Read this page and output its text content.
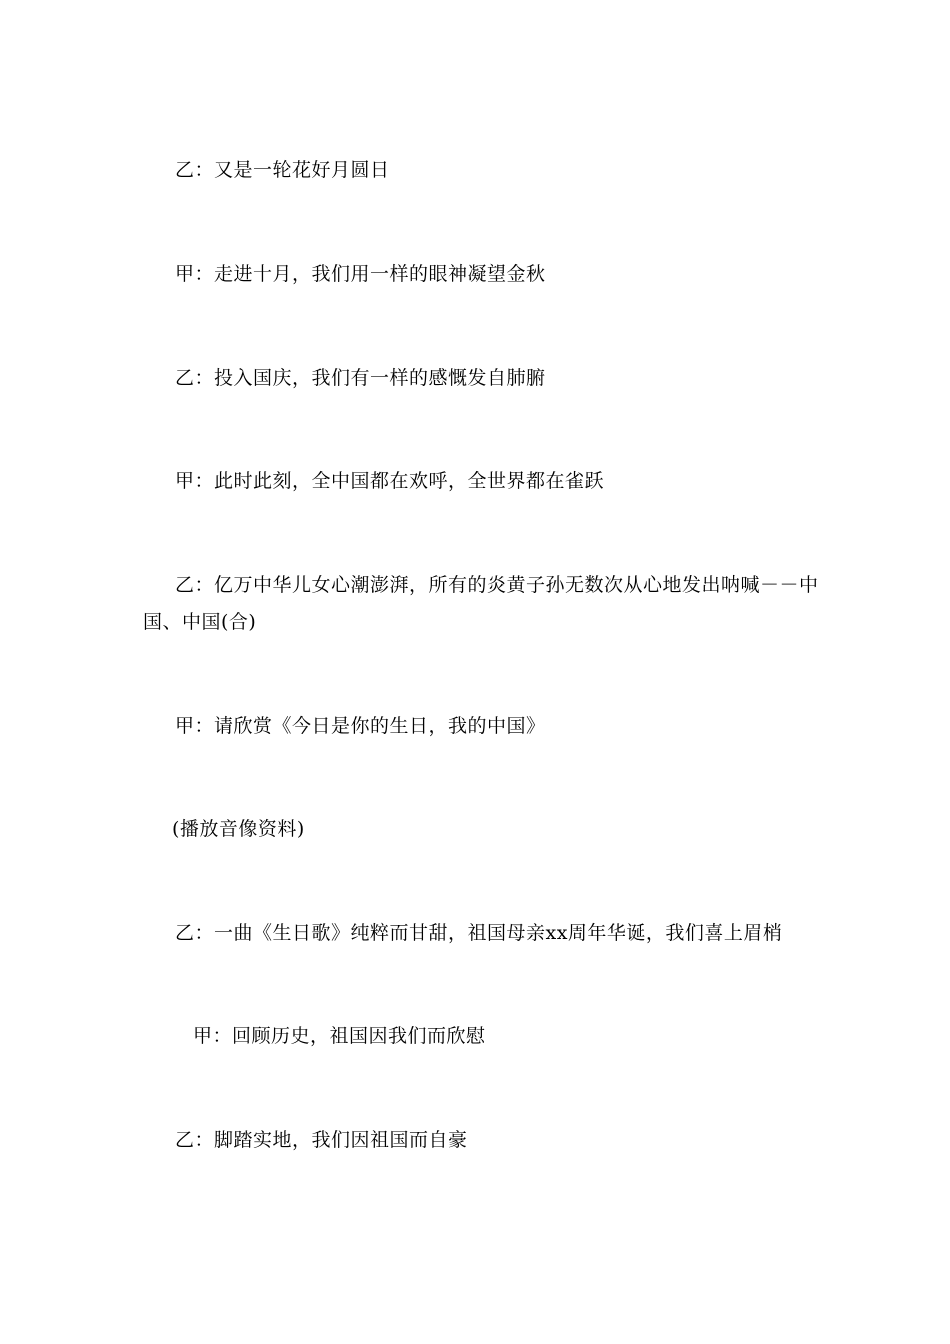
乙：又是一轮花好月圆日
甲：走进十月，我们用一样的眼神凝望金秋
乙：投入国庆，我们有一样的感慨发自肺腑
甲：此时此刻，全中国都在欢呼，全世界都在雀跃
乙：亿万中华儿女心潮澎湃，所有的炎黄子孙无数次从心地发出呐喊－－中
国、中国(合)
甲：请欣赏《今日是你的生日，我的中国》
(播放音像资料)
乙：一曲《生日歌》纯粹而甘甜，祖国母亲xx周年华诞，我们喜上眉梢
甲：回顾历史，祖国因我们而欣慰
乙：脚踏实地，我们因祖国而自豪
